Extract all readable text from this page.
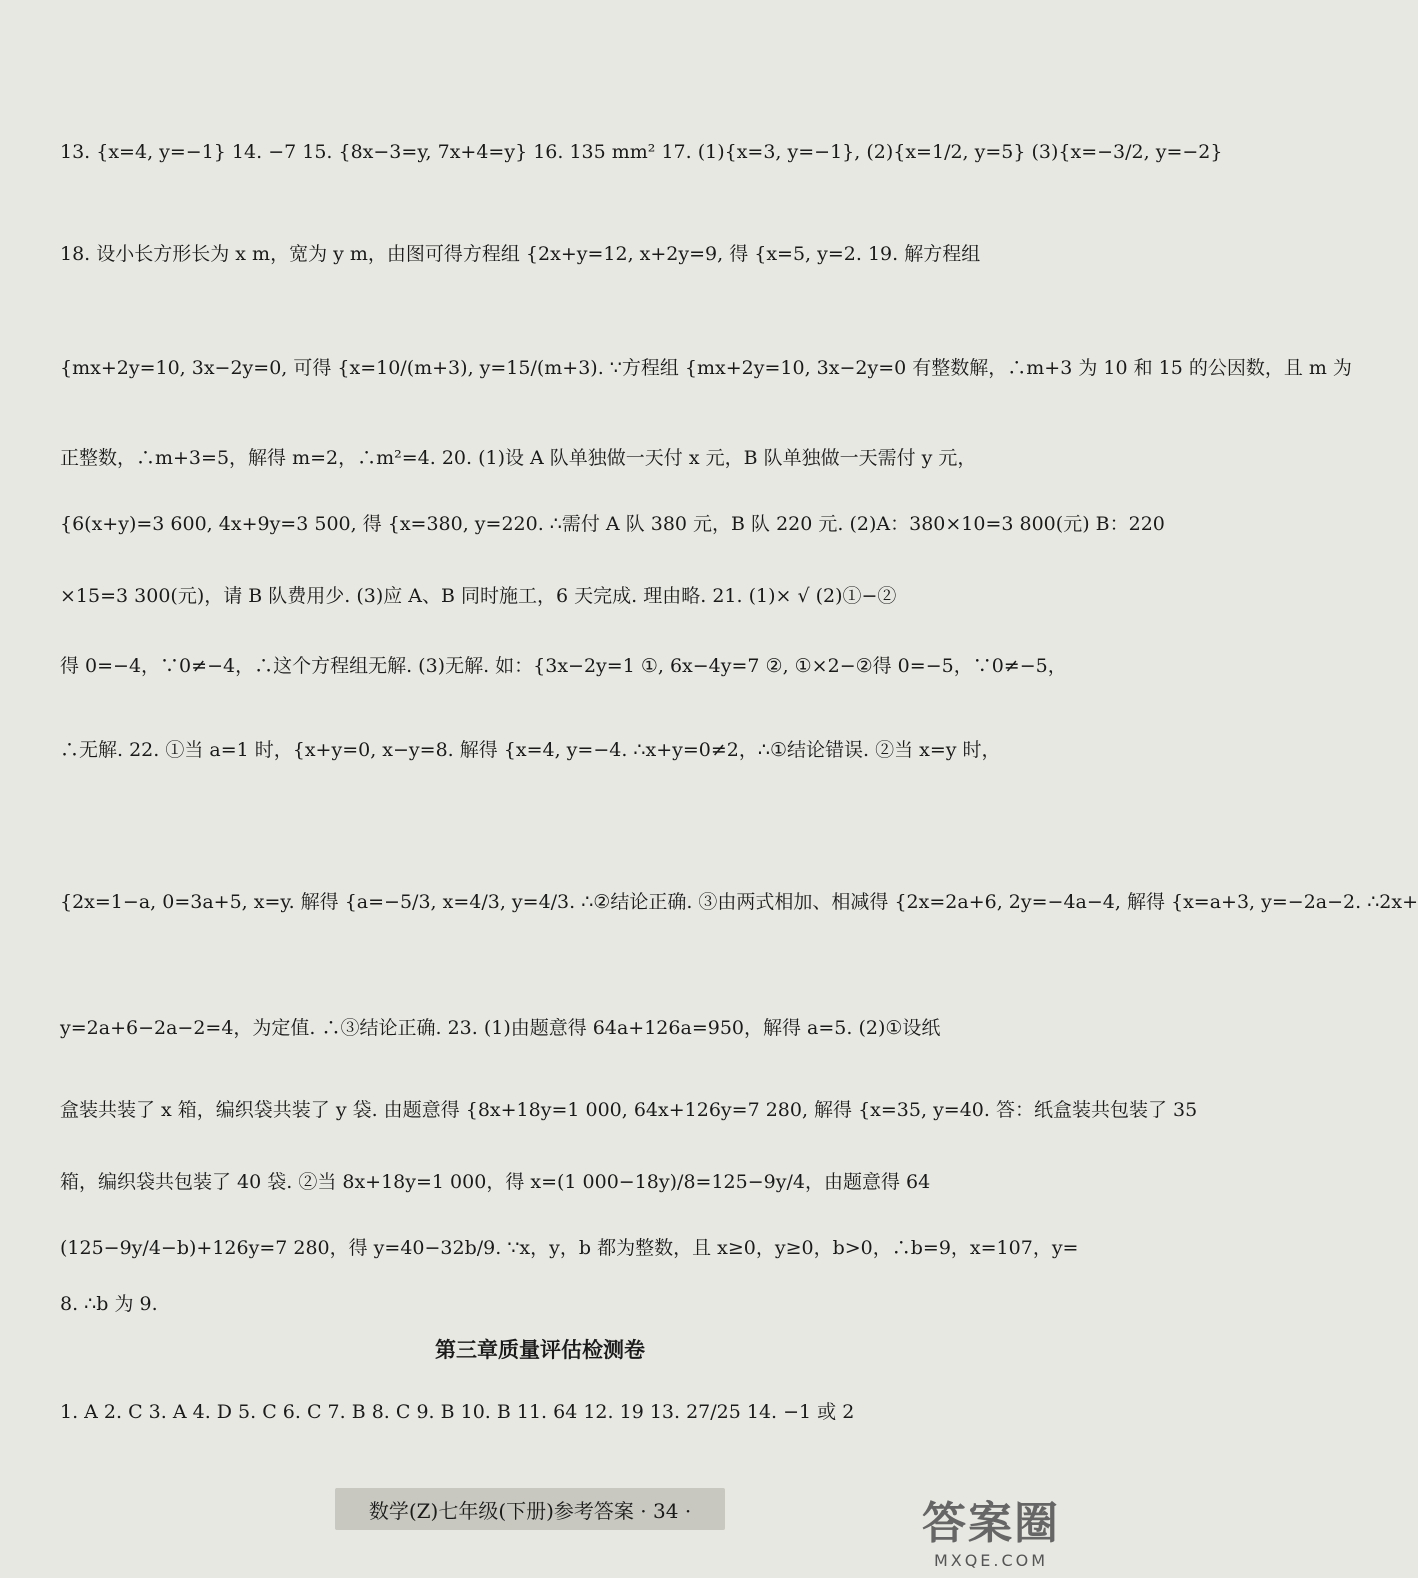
13. {x=4, y=−1} 14. −7 15. {8x−3=y, 7x+4=y} 16. 135 mm² 17. (1){x=3, y=−1}, (2){x=1/2, y=5} (3){x=−3/2, y=−2}
18. 设小长方形长为 x m，宽为 y m，由图可得方程组 {2x+y=12, x+2y=9, 得 {x=5, y=2. 19. 解方程组
{mx+2y=10, 3x−2y=0, 可得 {x=10/(m+3), y=15/(m+3). ∵方程组 {mx+2y=10, 3x−2y=0 有整数解，∴m+3 为 10 和 15 的公因数，且 m 为
正整数，∴m+3=5，解得 m=2，∴m²=4. 20. (1)设 A 队单独做一天付 x 元，B 队单独做一天需付 y 元，
{6(x+y)=3 600, 4x+9y=3 500, 得 {x=380, y=220. ∴需付 A 队 380 元，B 队 220 元. (2)A：380×10=3 800(元) B：220
×15=3 300(元)，请 B 队费用少. (3)应 A、B 同时施工，6 天完成. 理由略. 21. (1)× √ (2)①−②
得 0=−4，∵0≠−4，∴这个方程组无解. (3)无解. 如：{3x−2y=1 ①, 6x−4y=7 ②, ①×2−②得 0=−5，∵0≠−5，
∴无解. 22. ①当 a=1 时，{x+y=0, x−y=8. 解得 {x=4, y=−4. ∴x+y=0≠2，∴①结论错误. ②当 x=y 时，
{2x=1−a, 0=3a+5, x=y. 解得 {a=−5/3, x=4/3, y=4/3. ∴②结论正确. ③由两式相加、相减得 {2x=2a+6, 2y=−4a−4, 解得 {x=a+3, y=−2a−2. ∴2x+
y=2a+6−2a−2=4，为定值. ∴③结论正确. 23. (1)由题意得 64a+126a=950，解得 a=5. (2)①设纸
盒装共装了 x 箱，编织袋共装了 y 袋. 由题意得 {8x+18y=1 000, 64x+126y=7 280, 解得 {x=35, y=40. 答：纸盒装共包装了 35
箱，编织袋共包装了 40 袋. ②当 8x+18y=1 000，得 x=(1 000−18y)/8=125−9y/4，由题意得 64
(125−9y/4−b)+126y=7 280，得 y=40−32b/9. ∵x，y，b 都为整数，且 x≥0，y≥0，b>0，∴b=9，x=107，y=
8. ∴b 为 9.
第三章质量评估检测卷
1. A 2. C 3. A 4. D 5. C 6. C 7. B 8. C 9. B 10. B 11. 64 12. 19 13. 27/25 14. −1 或 2
数学(Z)七年级(下册)参考答案 · 34 ·	答案圈
MXQE.COM
